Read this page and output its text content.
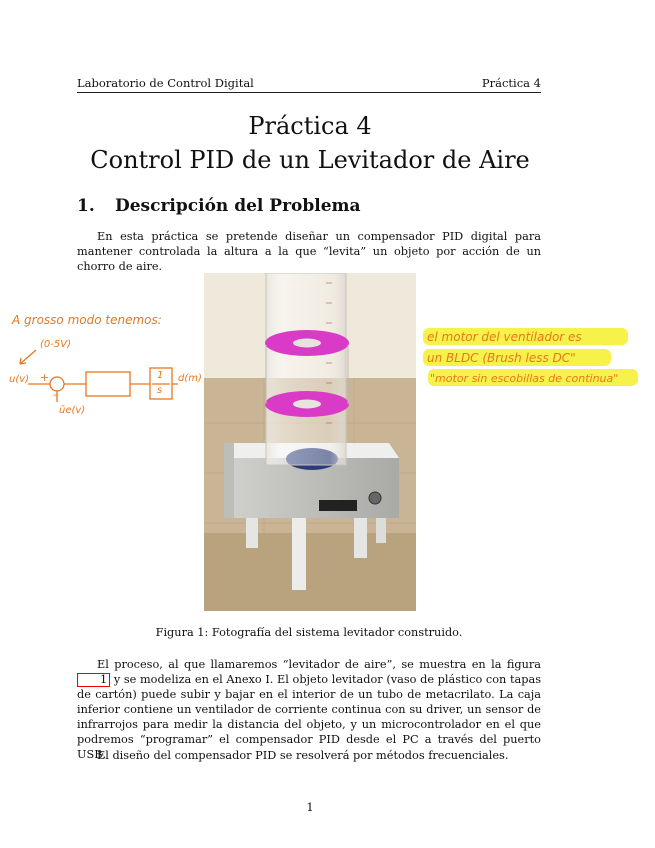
Laboratorio de Control Digital	Práctica 4
Práctica 4
Control PID de un Levitador de Aire
1. Descripción del Problema
En esta práctica se pretende diseñar un compensador PID digital para mantener controlada la altura a la que “levita” un objeto por acción de un chorro de aire.
Figura 1: Fotografía del sistema levitador construido.
El proceso, al que llamaremos “levitador de aire”, se muestra en la figura 1 y se modeliza en el Anexo I. El objeto levitador (vaso de plástico con tapas de cartón) puede subir y bajar en el interior de un tubo de metacrilato. La caja inferior contiene un ventilador de corriente continua con su driver, un sensor de infrarrojos para medir la distancia del objeto, y un microcontrolador en el que podremos “programar” el compensador PID desde el PC a través del puerto USB.
El diseño del compensador PID se resolverá por métodos frecuenciales.
1
A grosso modo tenemos:
(0-5V)
u(v) +
-
ūe(v)
1
s
d(m)
el motor del ventilador es
un BLDC (Brush less DC"
"motor sin escobillas de continua"
